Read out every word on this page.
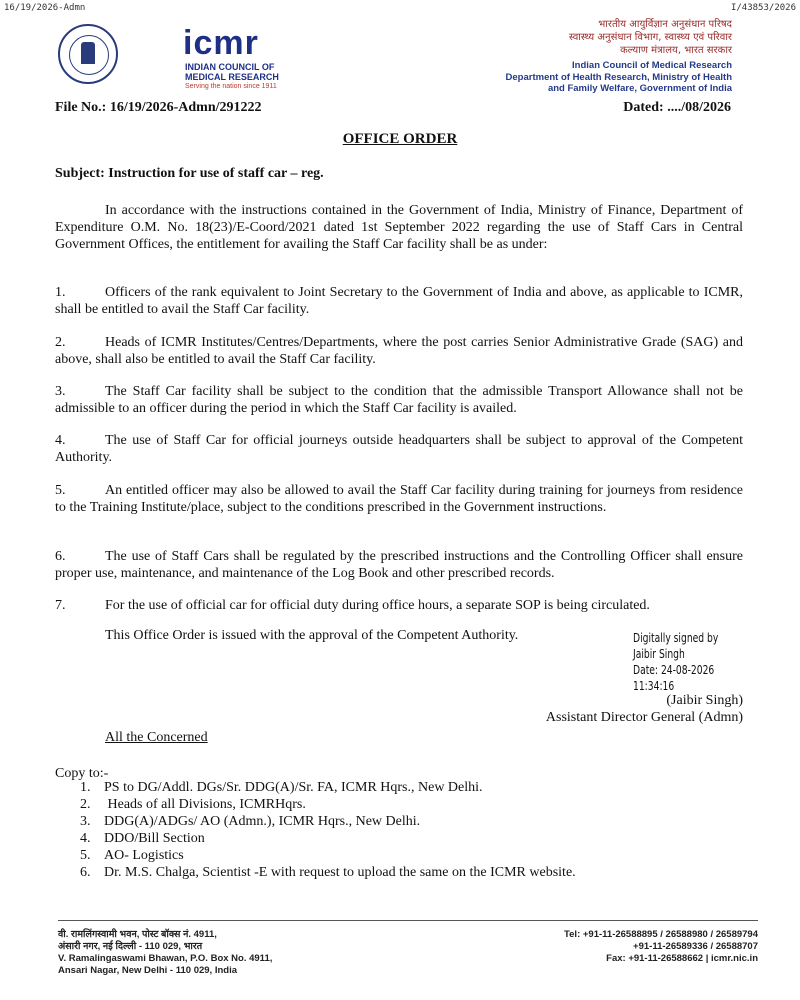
16/19/2026-Admn	I/43853/2026
icmr
INDIAN COUNCIL OF
MEDICAL RESEARCH
Serving the nation since 1911
भारतीय आयुर्विज्ञान अनुसंधान परिषद
स्वास्थ्य अनुसंधान विभाग, स्वास्थ्य एवं परिवार
कल्याण मंत्रालय, भारत सरकार
Indian Council of Medical Research
Department of Health Research, Ministry of Health
and Family Welfare, Government of India
File No.: 16/19/2026-Admn/291222	Dated: ..../08/2026
OFFICE ORDER
Subject: Instruction for use of staff car – reg.

In accordance with the instructions contained in the Government of India, Ministry of Finance, Department of Expenditure O.M. No. 18(23)/E-Coord/2021 dated 1st September 2022 regarding the use of Staff Cars in Central Government Offices, the entitlement for availing the Staff Car facility shall be as under:

1.	Officers of the rank equivalent to Joint Secretary to the Government of India and above, as applicable to ICMR, shall be entitled to avail the Staff Car facility.

2.	Heads of ICMR Institutes/Centres/Departments, where the post carries Senior Administrative Grade (SAG) and above, shall also be entitled to avail the Staff Car facility.

3.	The Staff Car facility shall be subject to the condition that the admissible Transport Allowance shall not be admissible to an officer during the period in which the Staff Car facility is availed.

4.	The use of Staff Car for official journeys outside headquarters shall be subject to approval of the Competent Authority.

5.	An entitled officer may also be allowed to avail the Staff Car facility during training for journeys from residence to the Training Institute/place, subject to the conditions prescribed in the Government instructions.

6.	The use of Staff Cars shall be regulated by the prescribed instructions and the Controlling Officer shall ensure proper use, maintenance, and maintenance of the Log Book and other prescribed records.

7.	For the use of official car for official duty during office hours, a separate SOP is being circulated.

This Office Order is issued with the approval of the Competent Authority.	Digitally signed by
Jaibir Singh
Date: 24-08-2026
11:34:16
(Jaibir Singh)
Assistant Director General (Admn)
All the Concerned
Copy to:-
1. PS to DG/Addl. DGs/Sr. DDG(A)/Sr. FA, ICMR Hqrs., New Delhi.
2. Heads of all Divisions, ICMRHqrs.
3. DDG(A)/ADGs/ AO (Admn.), ICMR Hqrs., New Delhi.
4. DDO/Bill Section
5. AO- Logistics
6. Dr. M.S. Chalga, Scientist -E with request to upload the same on the ICMR website.
वी. रामलिंगस्वामी भवन, पोस्ट बॉक्स नं. 4911,
अंसारी नगर, नई दिल्ली - 110 029, भारत
V. Ramalingaswami Bhawan, P.O. Box No. 4911,
Ansari Nagar, New Delhi - 110 029, India
Tel: +91-11-26588895 / 26588980 / 26589794
+91-11-26589336 / 26588707
Fax: +91-11-26588662 | icmr.nic.in
